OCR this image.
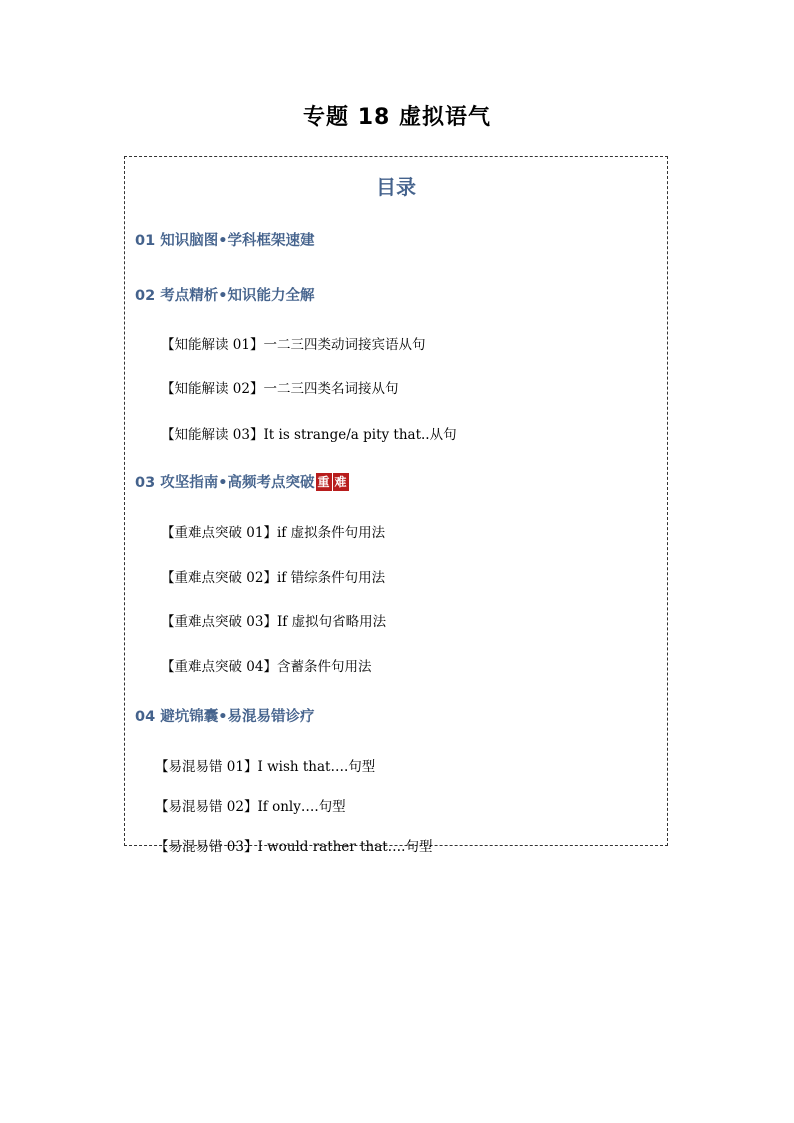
专题 18 虚拟语气
目录
01 知识脑图•学科框架速建
02 考点精析•知识能力全解
【知能解读 01】一二三四类动词接宾语从句
【知能解读 02】一二三四类名词接从句
【知能解读 03】It is strange/a pity that..从句
03 攻坚指南•高频考点突破 重 难
【重难点突破 01】if 虚拟条件句用法
【重难点突破 02】if 错综条件句用法
【重难点突破 03】If 虚拟句省略用法
【重难点突破 04】含蓄条件句用法
04 避坑锦囊•易混易错诊疗
【易混易错 01】I wish that….句型
【易混易错 02】If only….句型
【易混易错 03】I would rather that….句型
